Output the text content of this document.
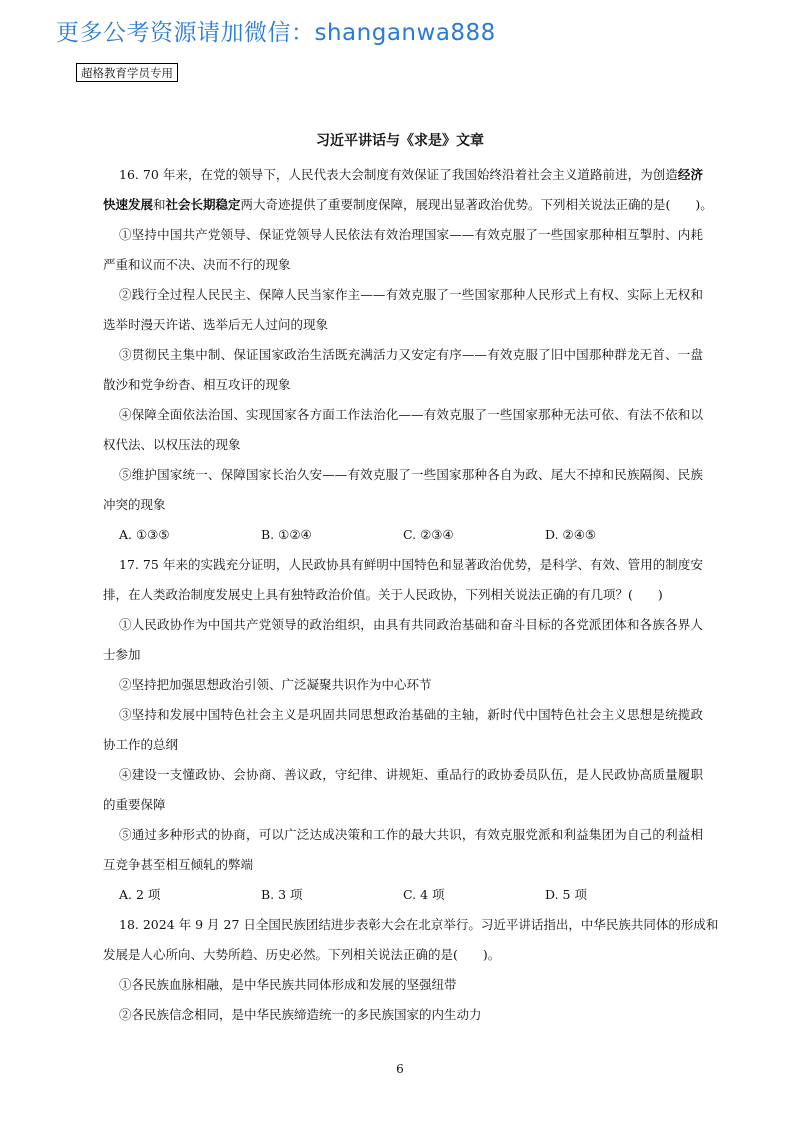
更多公考资源请加微信：shanganwa888
超格教育学员专用
习近平讲话与《求是》文章
16. 70 年来，在党的领导下，人民代表大会制度有效保证了我国始终沿着社会主义道路前进，为创造经济
快速发展和社会长期稳定两大奇迹提供了重要制度保障，展现出显著政治优势。下列相关说法正确的是(　　)。
①坚持中国共产党领导、保证党领导人民依法有效治理国家——有效克服了一些国家那种相互掣肘、内耗
严重和议而不决、决而不行的现象
②践行全过程人民民主、保障人民当家作主——有效克服了一些国家那种人民形式上有权、实际上无权和
选举时漫天许诺、选举后无人过问的现象
③贯彻民主集中制、保证国家政治生活既充满活力又安定有序——有效克服了旧中国那种群龙无首、一盘
散沙和党争纷杳、相互攻讦的现象
④保障全面依法治国、实现国家各方面工作法治化——有效克服了一些国家那种无法可依、有法不依和以
权代法、以权压法的现象
⑤维护国家统一、保障国家长治久安——有效克服了一些国家那种各自为政、尾大不掉和民族隔阂、民族
冲突的现象
A. ①③⑤	B. ①②④	C. ②③④	D. ②④⑤
17. 75 年来的实践充分证明，人民政协具有鲜明中国特色和显著政治优势，是科学、有效、管用的制度安
排，在人类政治制度发展史上具有独特政治价值。关于人民政协，下列相关说法正确的有几项？(　　)
①人民政协作为中国共产党领导的政治组织，由具有共同政治基础和奋斗目标的各党派团体和各族各界人
士参加
②坚持把加强思想政治引领、广泛凝聚共识作为中心环节
③坚持和发展中国特色社会主义是巩固共同思想政治基础的主轴，新时代中国特色社会主义思想是统揽政
协工作的总纲
④建设一支懂政协、会协商、善议政，守纪律、讲规矩、重品行的政协委员队伍，是人民政协高质量履职
的重要保障
⑤通过多种形式的协商，可以广泛达成决策和工作的最大共识，有效克服党派和利益集团为自己的利益相
互竞争甚至相互倾轧的弊端
A. 2 项	B. 3 项	C. 4 项	D. 5 项
18. 2024 年 9 月 27 日全国民族团结进步表彰大会在北京举行。习近平讲话指出，中华民族共同体的形成和
发展是人心所向、大势所趋、历史必然。下列相关说法正确的是(　　)。
①各民族血脉相融，是中华民族共同体形成和发展的坚强纽带
②各民族信念相同，是中华民族缔造统一的多民族国家的内生动力
6
